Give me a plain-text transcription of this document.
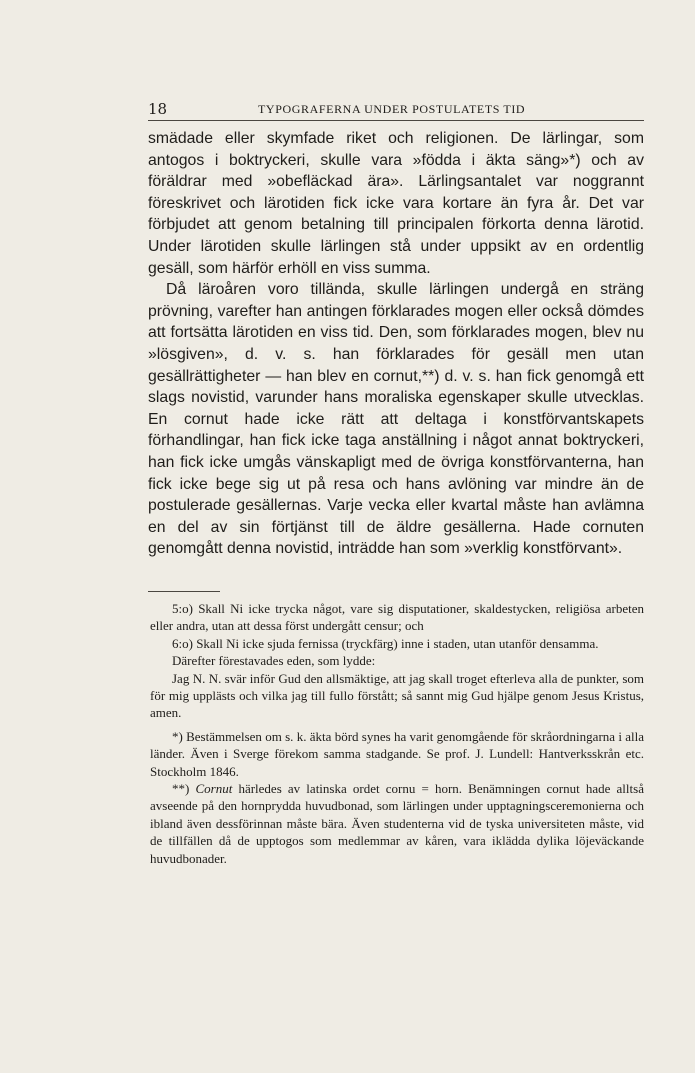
18	TYPOGRAFERNA UNDER POSTULATETS TID

smädade eller skymfade riket och religionen. De lärlingar, som antogos i boktryckeri, skulle vara »födda i äkta säng»*) och av föräldrar med »obefläckad ära». Lärlingsantalet var noggrannt föreskrivet och lärotiden fick icke vara kortare än fyra år. Det var förbjudet att genom betalning till principalen förkorta denna lärotid. Under lärotiden skulle lärlingen stå under uppsikt av en ordentlig gesäll, som härför erhöll en viss summa.

Då läroåren voro tillända, skulle lärlingen undergå en sträng prövning, varefter han antingen förklarades mogen eller också dömdes att fortsätta lärotiden en viss tid. Den, som förklarades mogen, blev nu »lösgiven», d. v. s. han förklarades för gesäll men utan gesällrättigheter — han blev en cornut,**) d. v. s. han fick genomgå ett slags novistid, varunder hans moraliska egenskaper skulle utvecklas. En cornut hade icke rätt att deltaga i konstförvantskapets förhandlingar, han fick icke taga anställning i något annat boktryckeri, han fick icke umgås vänskapligt med de övriga konstförvanterna, han fick icke bege sig ut på resa och hans avlöning var mindre än de postulerade gesällernas. Varje vecka eller kvartal måste han avlämna en del av sin förtjänst till de äldre gesällerna. Hade cornuten genomgått denna novistid, inträdde han som »verklig konstförvant».

5:o) Skall Ni icke trycka något, vare sig disputationer, skaldestycken, religiösa arbeten eller andra, utan att dessa först undergått censur; och

6:o) Skall Ni icke sjuda fernissa (tryckfärg) inne i staden, utan utanför densamma.

Därefter förestavades eden, som lydde:

Jag N. N. svär inför Gud den allsmäktige, att jag skall troget efterleva alla de punkter, som för mig upplästs och vilka jag till fullo förstått; så sannt mig Gud hjälpe genom Jesus Kristus, amen.

*) Bestämmelsen om s. k. äkta börd synes ha varit genomgående för skråordningarna i alla länder. Även i Sverge förekom samma stadgande. Se prof. J. Lundell: Hantverksskrån etc. Stockholm 1846.

**) Cornut härledes av latinska ordet cornu = horn. Benämningen cornut hade alltså avseende på den hornprydda huvudbonad, som lärlingen under upptagningsceremonierna och ibland även dessförinnan måste bära. Även studenterna vid de tyska universiteten måste, vid de tillfällen då de upptogos som medlemmar av kåren, vara iklädda dylika löjeväckande huvudbonader.
